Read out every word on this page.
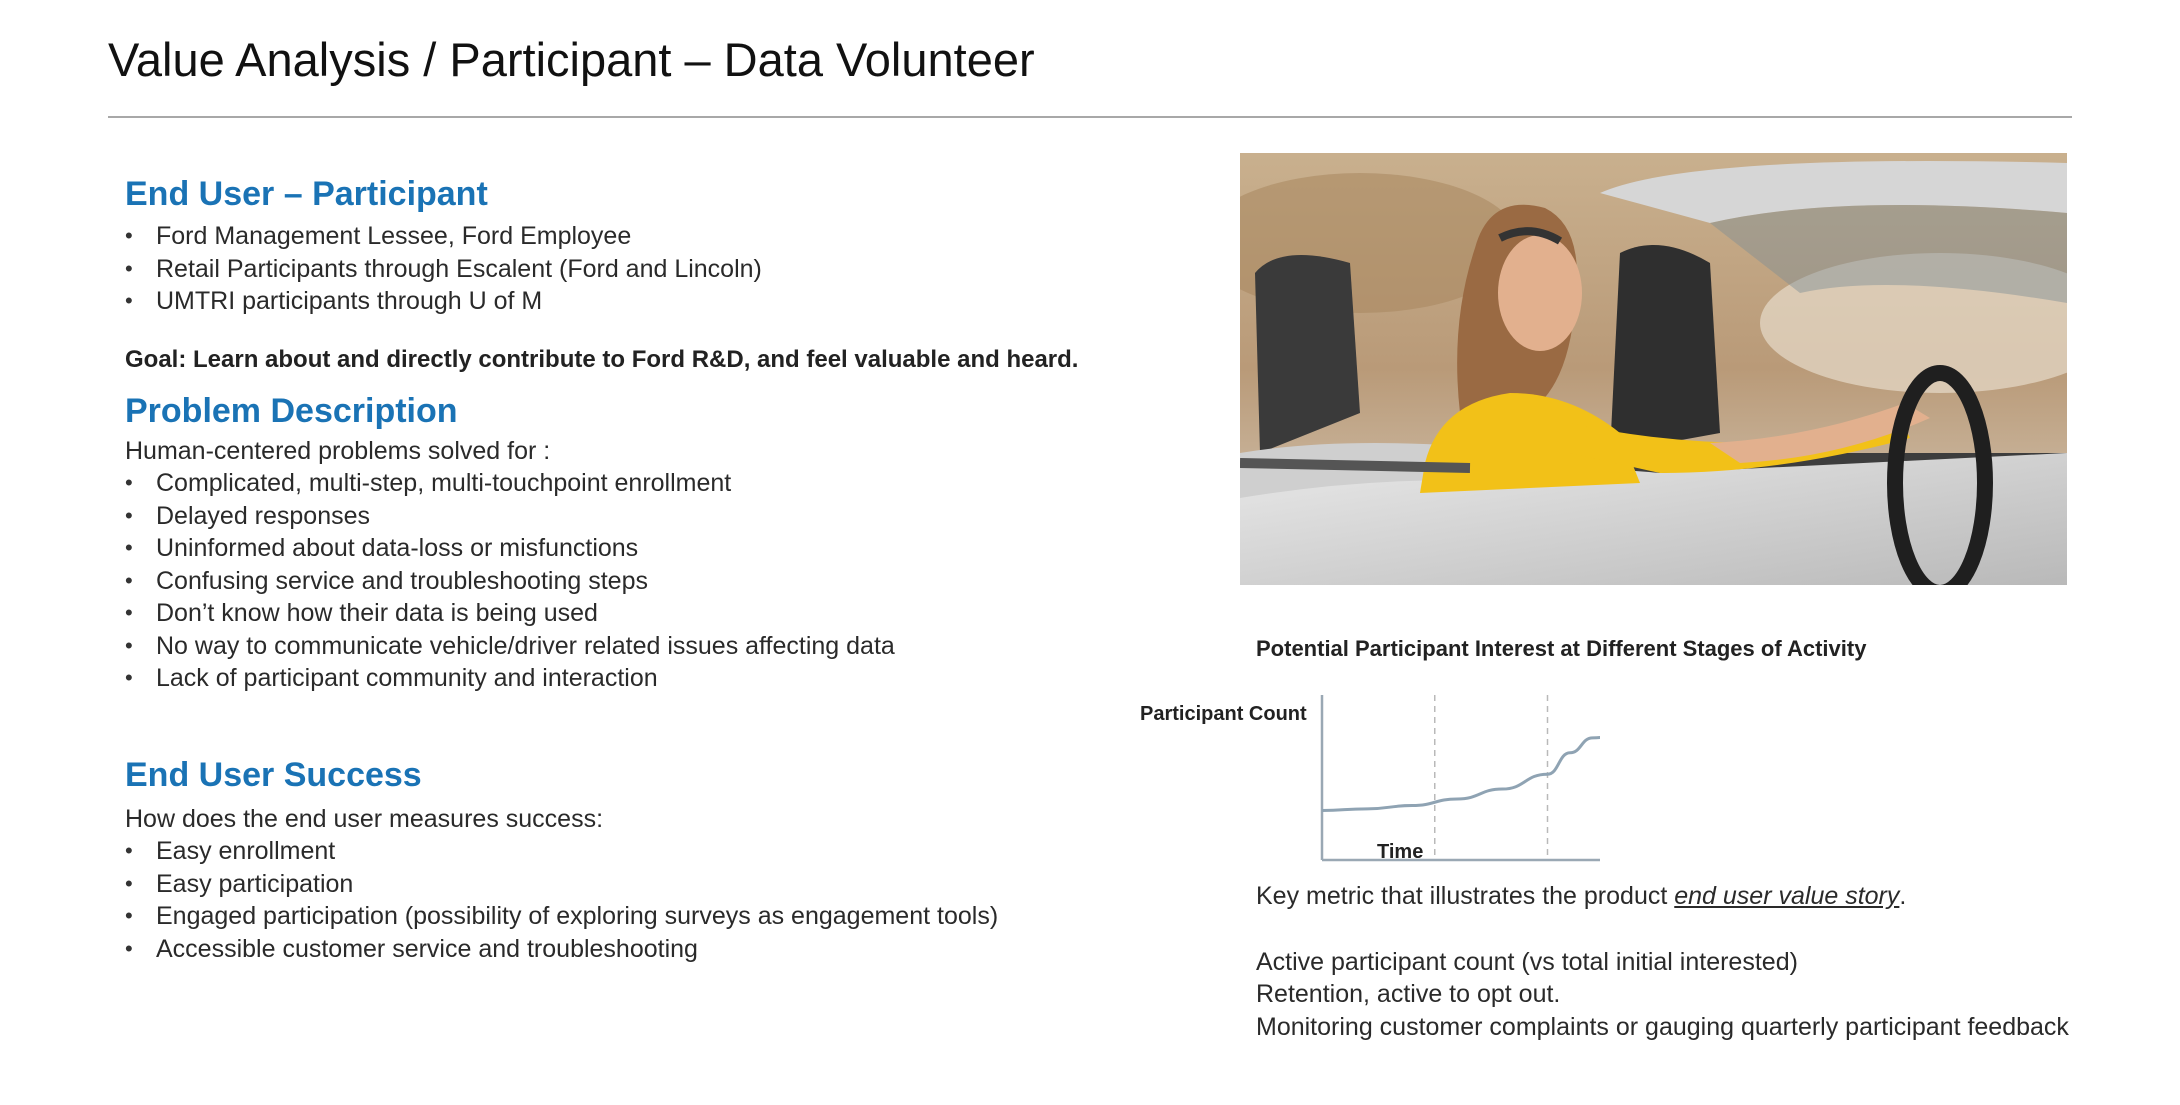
Value Analysis / Participant – Data Volunteer
End User – Participant
• Ford Management Lessee, Ford Employee
• Retail Participants through Escalent (Ford and Lincoln)
• UMTRI participants through U of M
Goal: Learn about and directly contribute to Ford R&D, and feel valuable and heard.
Problem Description
Human-centered problems solved for :
• Complicated, multi-step, multi-touchpoint enrollment
• Delayed responses
• Uninformed about data-loss or misfunctions
• Confusing service and troubleshooting steps
• Don’t know how their data is being used
• No way to communicate vehicle/driver related issues affecting data
• Lack of participant community and interaction
End User Success
How does the end user measures success:
• Easy enrollment
• Easy participation
• Engaged participation (possibility of exploring surveys as engagement tools)
• Accessible customer service and troubleshooting
Potential Participant Interest at Different Stages of Activity
Participant Count
Time
Key metric that illustrates the product end user value story.
Active participant count (vs total initial interested)
Retention, active to opt out.
Monitoring customer complaints or gauging quarterly participant feedback
